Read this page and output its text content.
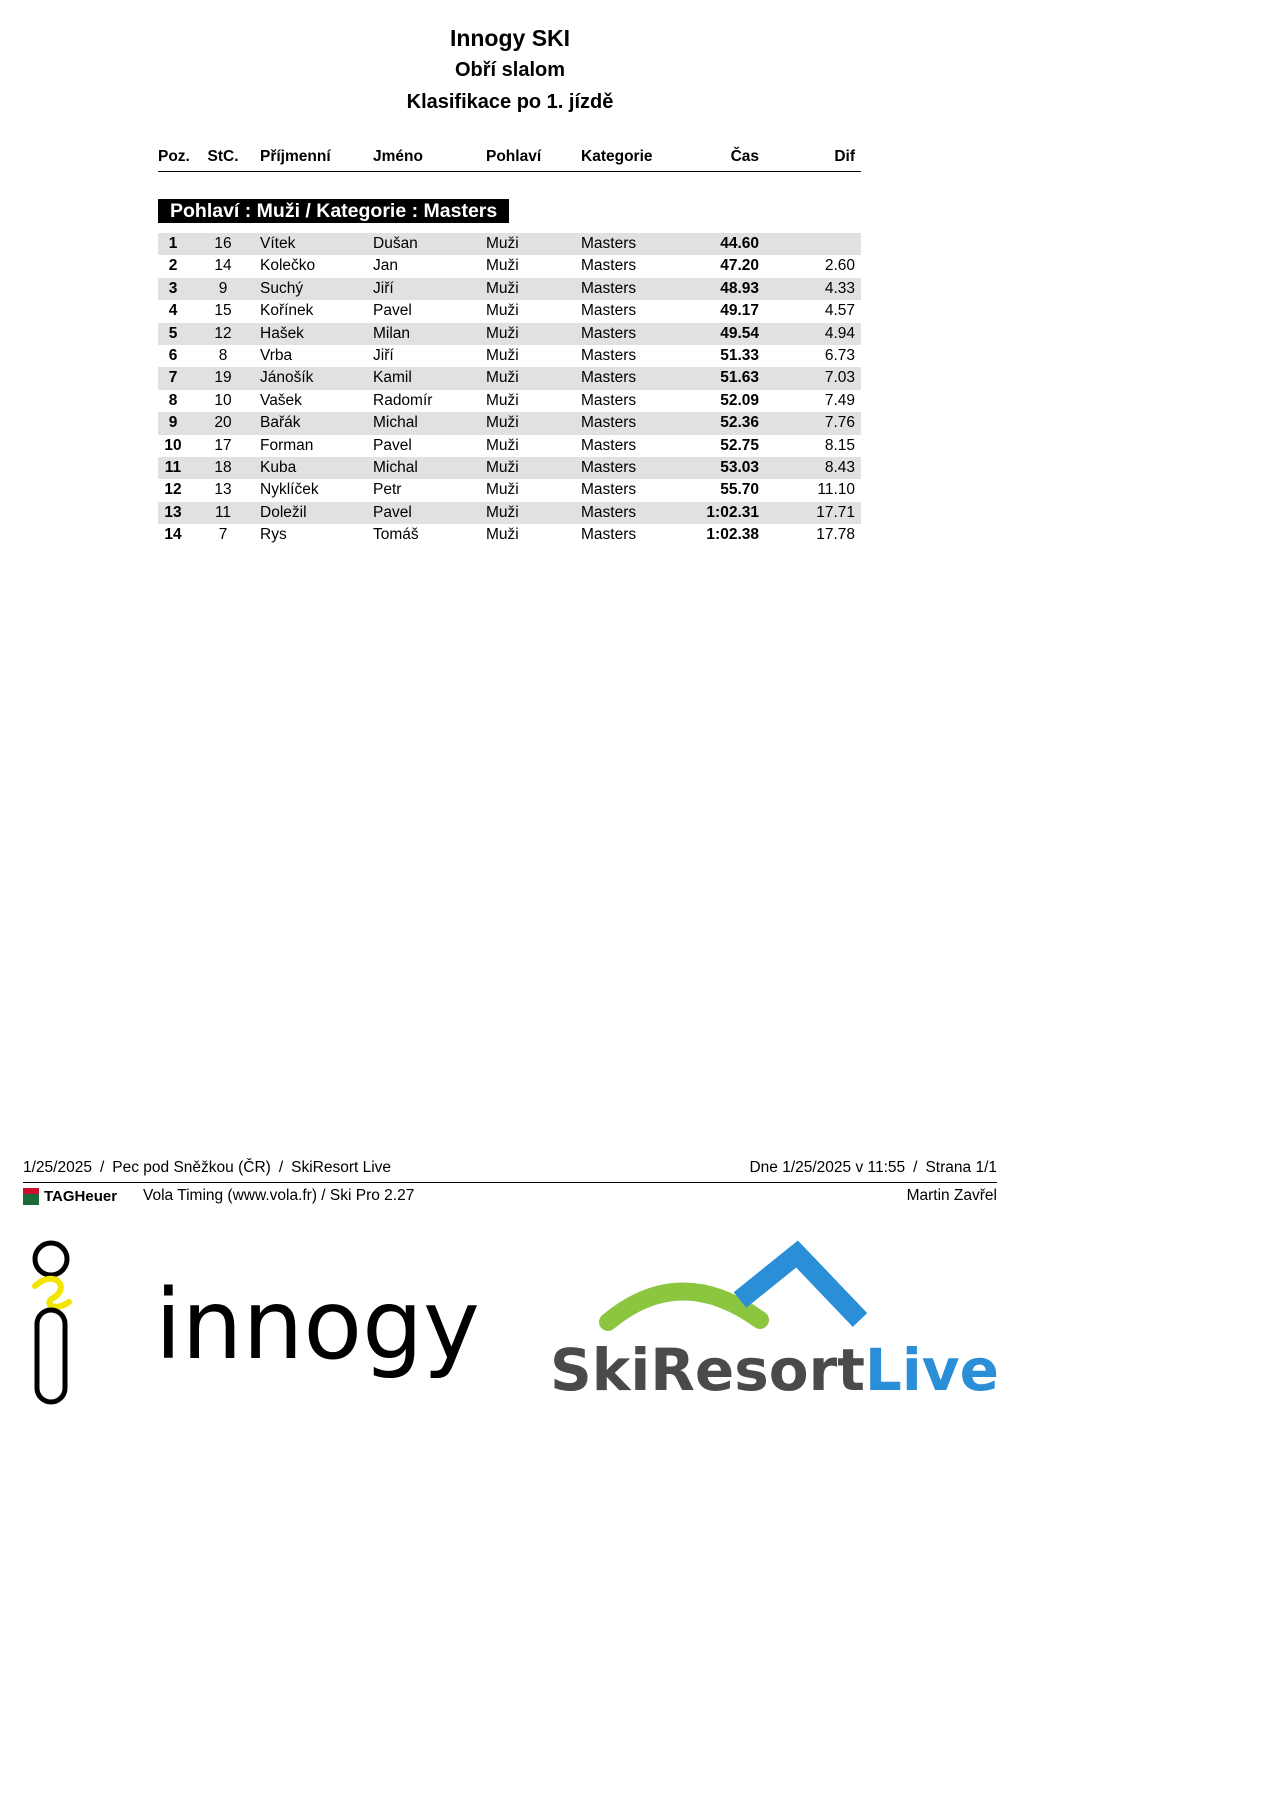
Innogy SKI
Obří slalom
Klasifikace po 1. jízdě
Poz. StC. Příjmenní	Jméno	Pohlaví	Kategorie	Čas	Dif
Pohlaví : Muži / Kategorie : Masters
1	16	Vítek	Dušan	Muži	Masters	44.60
2	14	Kolečko	Jan	Muži	Masters	47.20	2.60
3	9	Suchý	Jiří	Muži	Masters	48.93	4.33
4	15	Kořínek	Pavel	Muži	Masters	49.17	4.57
5	12	Hašek	Milan	Muži	Masters	49.54	4.94
6	8	Vrba	Jiří	Muži	Masters	51.33	6.73
7	19	Jánošík	Kamil	Muži	Masters	51.63	7.03
8	10	Vašek	Radomír	Muži	Masters	52.09	7.49
9	20	Bařák	Michal	Muži	Masters	52.36	7.76
10	17	Forman	Pavel	Muži	Masters	52.75	8.15
11	18	Kuba	Michal	Muži	Masters	53.03	8.43
12	13	Nyklíček	Petr	Muži	Masters	55.70	11.10
13	11	Doležil	Pavel	Muži	Masters	1:02.31	17.71
14	7	Rys	Tomáš	Muži	Masters	1:02.38	17.78
1/25/2025 / Pec pod Sněžkou (ČR) / SkiResort Live	Dne 1/25/2025 v 11:55 / Strana 1/1
TAGHeuer Vola Timing (www.vola.fr) / Ski Pro 2.27	Martin Zavřel
innogy SkiResortLive
